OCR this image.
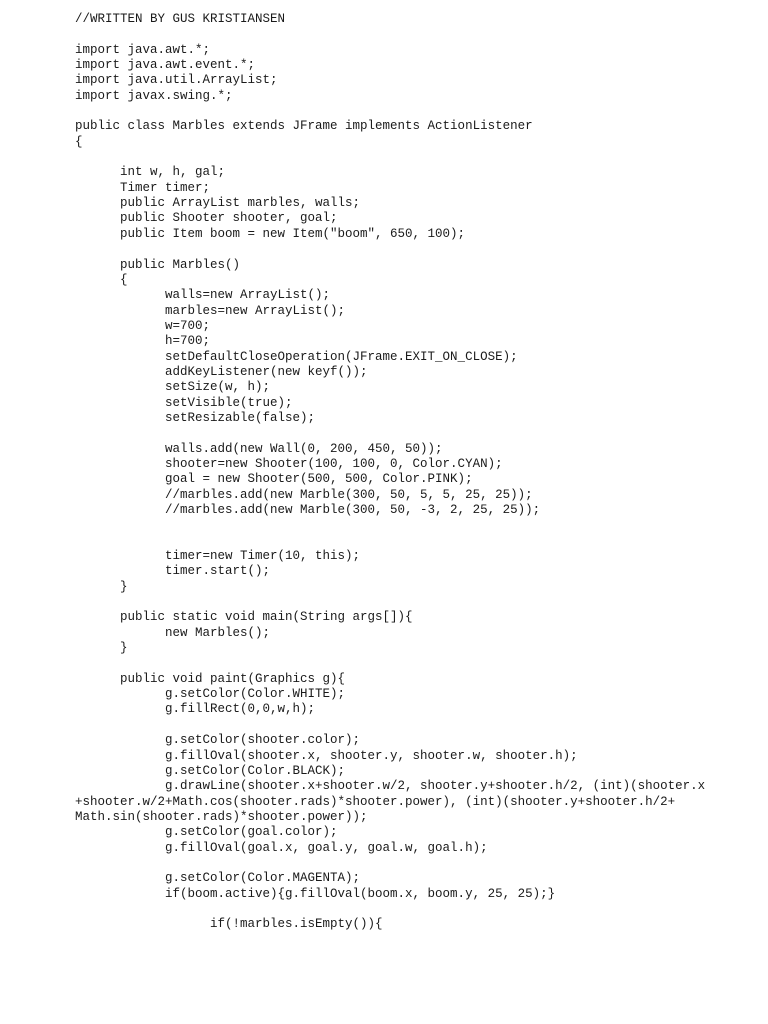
//WRITTEN BY GUS KRISTIANSEN
import java.awt.*;
import java.awt.event.*;
import java.util.ArrayList;
import javax.swing.*;
public class Marbles extends JFrame implements ActionListener
{
int w, h, gal;
Timer timer;
public ArrayList marbles, walls;
public Shooter shooter, goal;
public Item boom = new Item("boom", 650, 100);
public Marbles()
{
walls=new ArrayList();
marbles=new ArrayList();
w=700;
h=700;
setDefaultCloseOperation(JFrame.EXIT_ON_CLOSE);
addKeyListener(new keyf());
setSize(w, h);
setVisible(true);
setResizable(false);
walls.add(new Wall(0, 200, 450, 50));
shooter=new Shooter(100, 100, 0, Color.CYAN);
goal = new Shooter(500, 500, Color.PINK);
//marbles.add(new Marble(300, 50, 5, 5, 25, 25));
//marbles.add(new Marble(300, 50, -3, 2, 25, 25));
timer=new Timer(10, this);
timer.start();
}
public static void main(String args[]){
new Marbles();
}
public void paint(Graphics g){
g.setColor(Color.WHITE);
g.fillRect(0,0,w,h);
g.setColor(shooter.color);
g.fillOval(shooter.x, shooter.y, shooter.w, shooter.h);
g.setColor(Color.BLACK);
g.drawLine(shooter.x+shooter.w/2, shooter.y+shooter.h/2, (int)(shooter.x
+shooter.w/2+Math.cos(shooter.rads)*shooter.power), (int)(shooter.y+shooter.h/2+
Math.sin(shooter.rads)*shooter.power));
g.setColor(goal.color);
g.fillOval(goal.x, goal.y, goal.w, goal.h);
g.setColor(Color.MAGENTA);
if(boom.active){g.fillOval(boom.x, boom.y, 25, 25);}
if(!marbles.isEmpty()){
